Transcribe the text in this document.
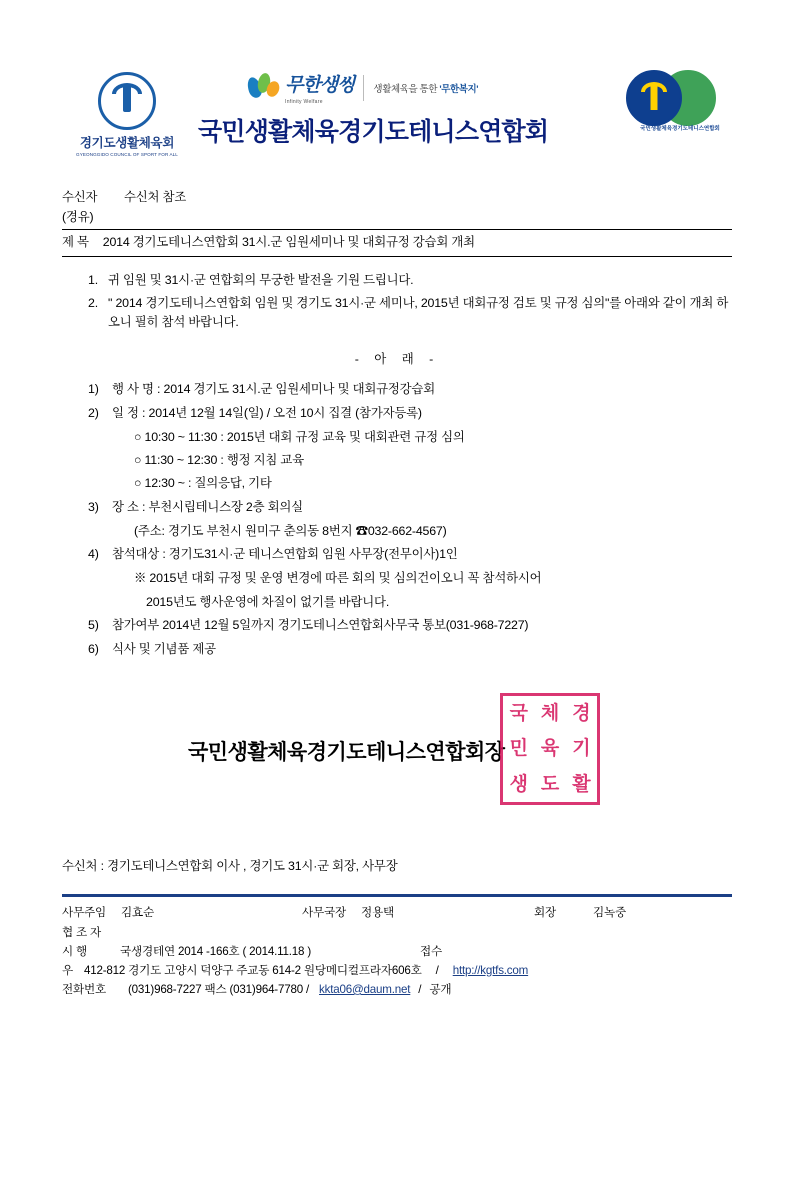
경기도생활체육회
GYEONGGIDO COUNCIL OF SPORT FOR ALL
무한생씽
Infinity Welfare
생활체육을 통한 '무한복지'
국민생활체육경기도테니스연합회
국민생활체육경기도테니스연합회
수신자	수신처 참조
(경유)
제 목 2014 경기도테니스연합회 31시.군 임원세미나 및 대회규정 강습회 개최
1. 귀 임원 및 31시·군 연합회의 무궁한 발전을 기원 드립니다.
2. " 2014 경기도테니스연합회 임원 및 경기도 31시·군 세미나, 2015년 대회규정 검토 및 규정 심의"를 아래와 같이 개최 하오니 필히 참석 바랍니다.
- 아 래 -
1)	행 사 명 : 2014 경기도 31시.군 임원세미나 및 대회규정강습회
2)	일 정 : 2014년 12월 14일(일) / 오전 10시 집결 (참가자등록)
○ 10:30 ~ 11:30 : 2015년 대회 규정 교육 및 대회관련 규정 심의
○ 11:30 ~ 12:30 : 행정 지침 교육
○ 12:30 ~ : 질의응답, 기타
3)	장 소 : 부천시립테니스장 2층 회의실
(주소: 경기도 부천시 원미구 춘의동 8번지 ☎032-662-4567)
4)	참석대상 : 경기도31시·군 테니스연합회 임원 사무장(전무이사)1인
※ 2015년 대회 규정 및 운영 변경에 따른 회의 및 심의건이오니 꼭 참석하시어
2015년도 행사운영에 차질이 없기를 바랍니다.
5)	참가여부 2014년 12월 5일까지 경기도테니스연합회사무국 통보(031-968-7227)
6)	식사 및 기념품 제공
국민생활체육경기도테니스연합회장
국 체 경
민 육 기
생 도 활
수신처 : 경기도테니스연합회 이사 , 경기도 31시·군 회장, 사무장
사무주임 김효순	사무국장 정용택	회장	김녹중
협 조 자
시 행	국생경테연 2014 -166호 ( 2014.11.18 )	접수
우 412-812 경기도 고양시 덕양구 주교동 614-2 원당메디컬프라자606호 / http://kgtfs.com
전화번호	(031)968-7227 팩스 (031)964-7780 / kkta06@daum.net / 공개
